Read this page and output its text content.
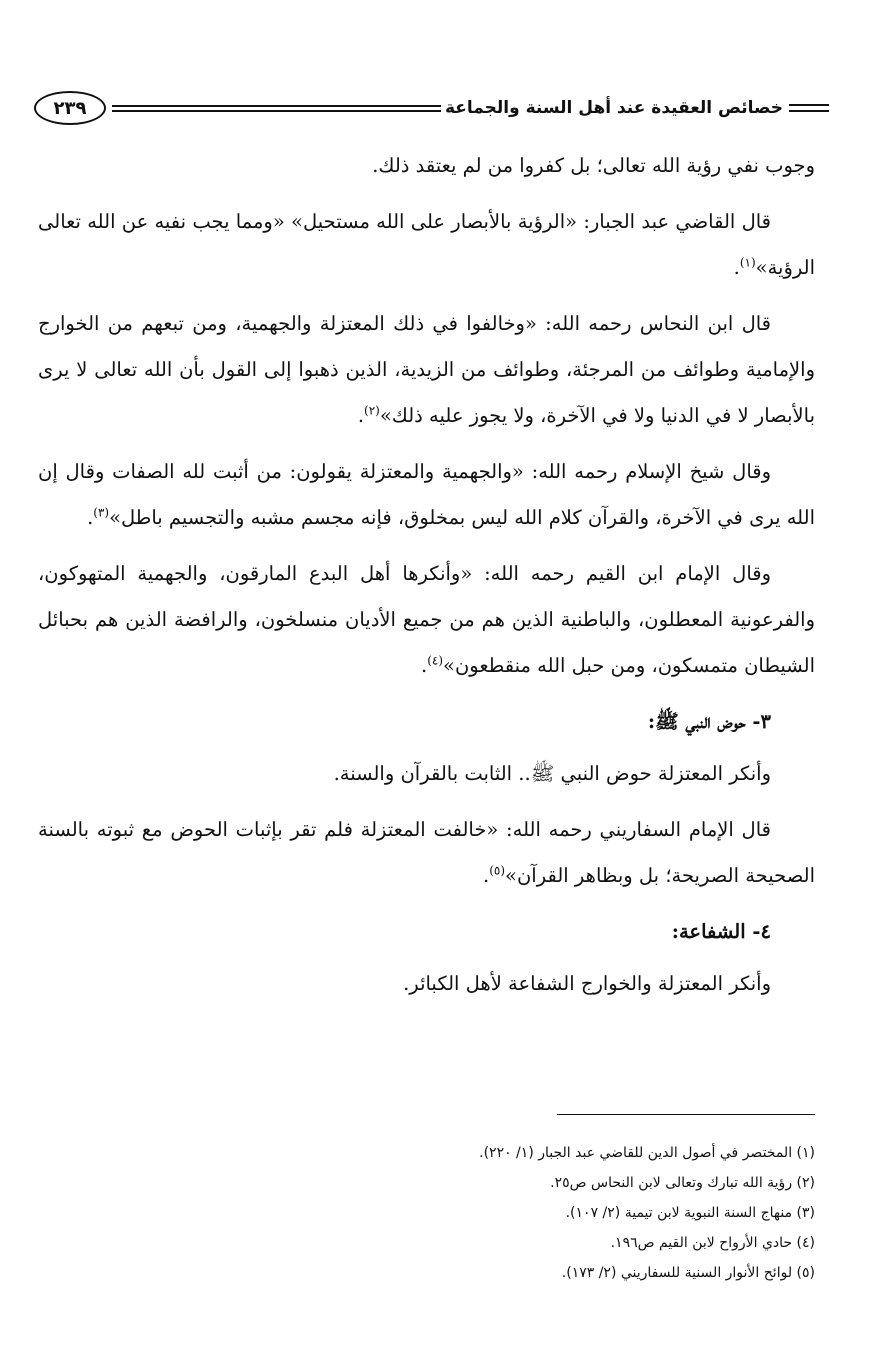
خصائص العقيدة عند أهل السنة والجماعة
٢٣٩

وجوب نفي رؤية الله تعالى؛ بل كفروا من لم يعتقد ذلك.

قال القاضي عبد الجبار: «الرؤية بالأبصار على الله مستحيل» «ومما يجب نفيه عن الله تعالى الرؤية»$^{(١)}$.

قال ابن النحاس رحمه الله: «وخالفوا في ذلك المعتزلة والجهمية، ومن تبعهم من الخوارج والإمامية وطوائف من المرجئة، وطوائف من الزيدية، الذين ذهبوا إلى القول بأن الله تعالى لا يرى بالأبصار لا في الدنيا ولا في الآخرة، ولا يجوز عليه ذلك»$^{(٢)}$.

وقال شيخ الإسلام رحمه الله: «والجهمية والمعتزلة يقولون: من أثبت لله الصفات وقال إن الله يرى في الآخرة، والقرآن كلام الله ليس بمخلوق، فإنه مجسم مشبه والتجسيم باطل»$^{(٣)}$.

وقال الإمام ابن القيم رحمه الله: «وأنكرها أهل البدع المارقون، والجهمية المتهوكون، والفرعونية المعطلون، والباطنية الذين هم من جميع الأديان منسلخون، والرافضة الذين هم بحبائل الشيطان متمسكون، ومن حبل الله منقطعون»$^{(٤)}$.

٣- حوض النبي ﷺ:

وأنكر المعتزلة حوض النبي ﷺ.. الثابت بالقرآن والسنة.

قال الإمام السفاريني رحمه الله: «خالفت المعتزلة فلم تقر بإثبات الحوض مع ثبوته بالسنة الصحيحة الصريحة؛ بل وبظاهر القرآن»$^{(٥)}$.

٤- الشفاعة:

وأنكر المعتزلة والخوارج الشفاعة لأهل الكبائر.

(١) المختصر في أصول الدين للقاضي عبد الجبار (١/ ٢٢٠).
(٢) رؤية الله تبارك وتعالى لابن النحاس ص٢٥.
(٣) منهاج السنة النبوية لابن تيمية (٢/ ١٠٧).
(٤) حادي الأرواح لابن القيم ص١٩٦.
(٥) لوائح الأنوار السنية للسفاريني (٢/ ١٧٣).
